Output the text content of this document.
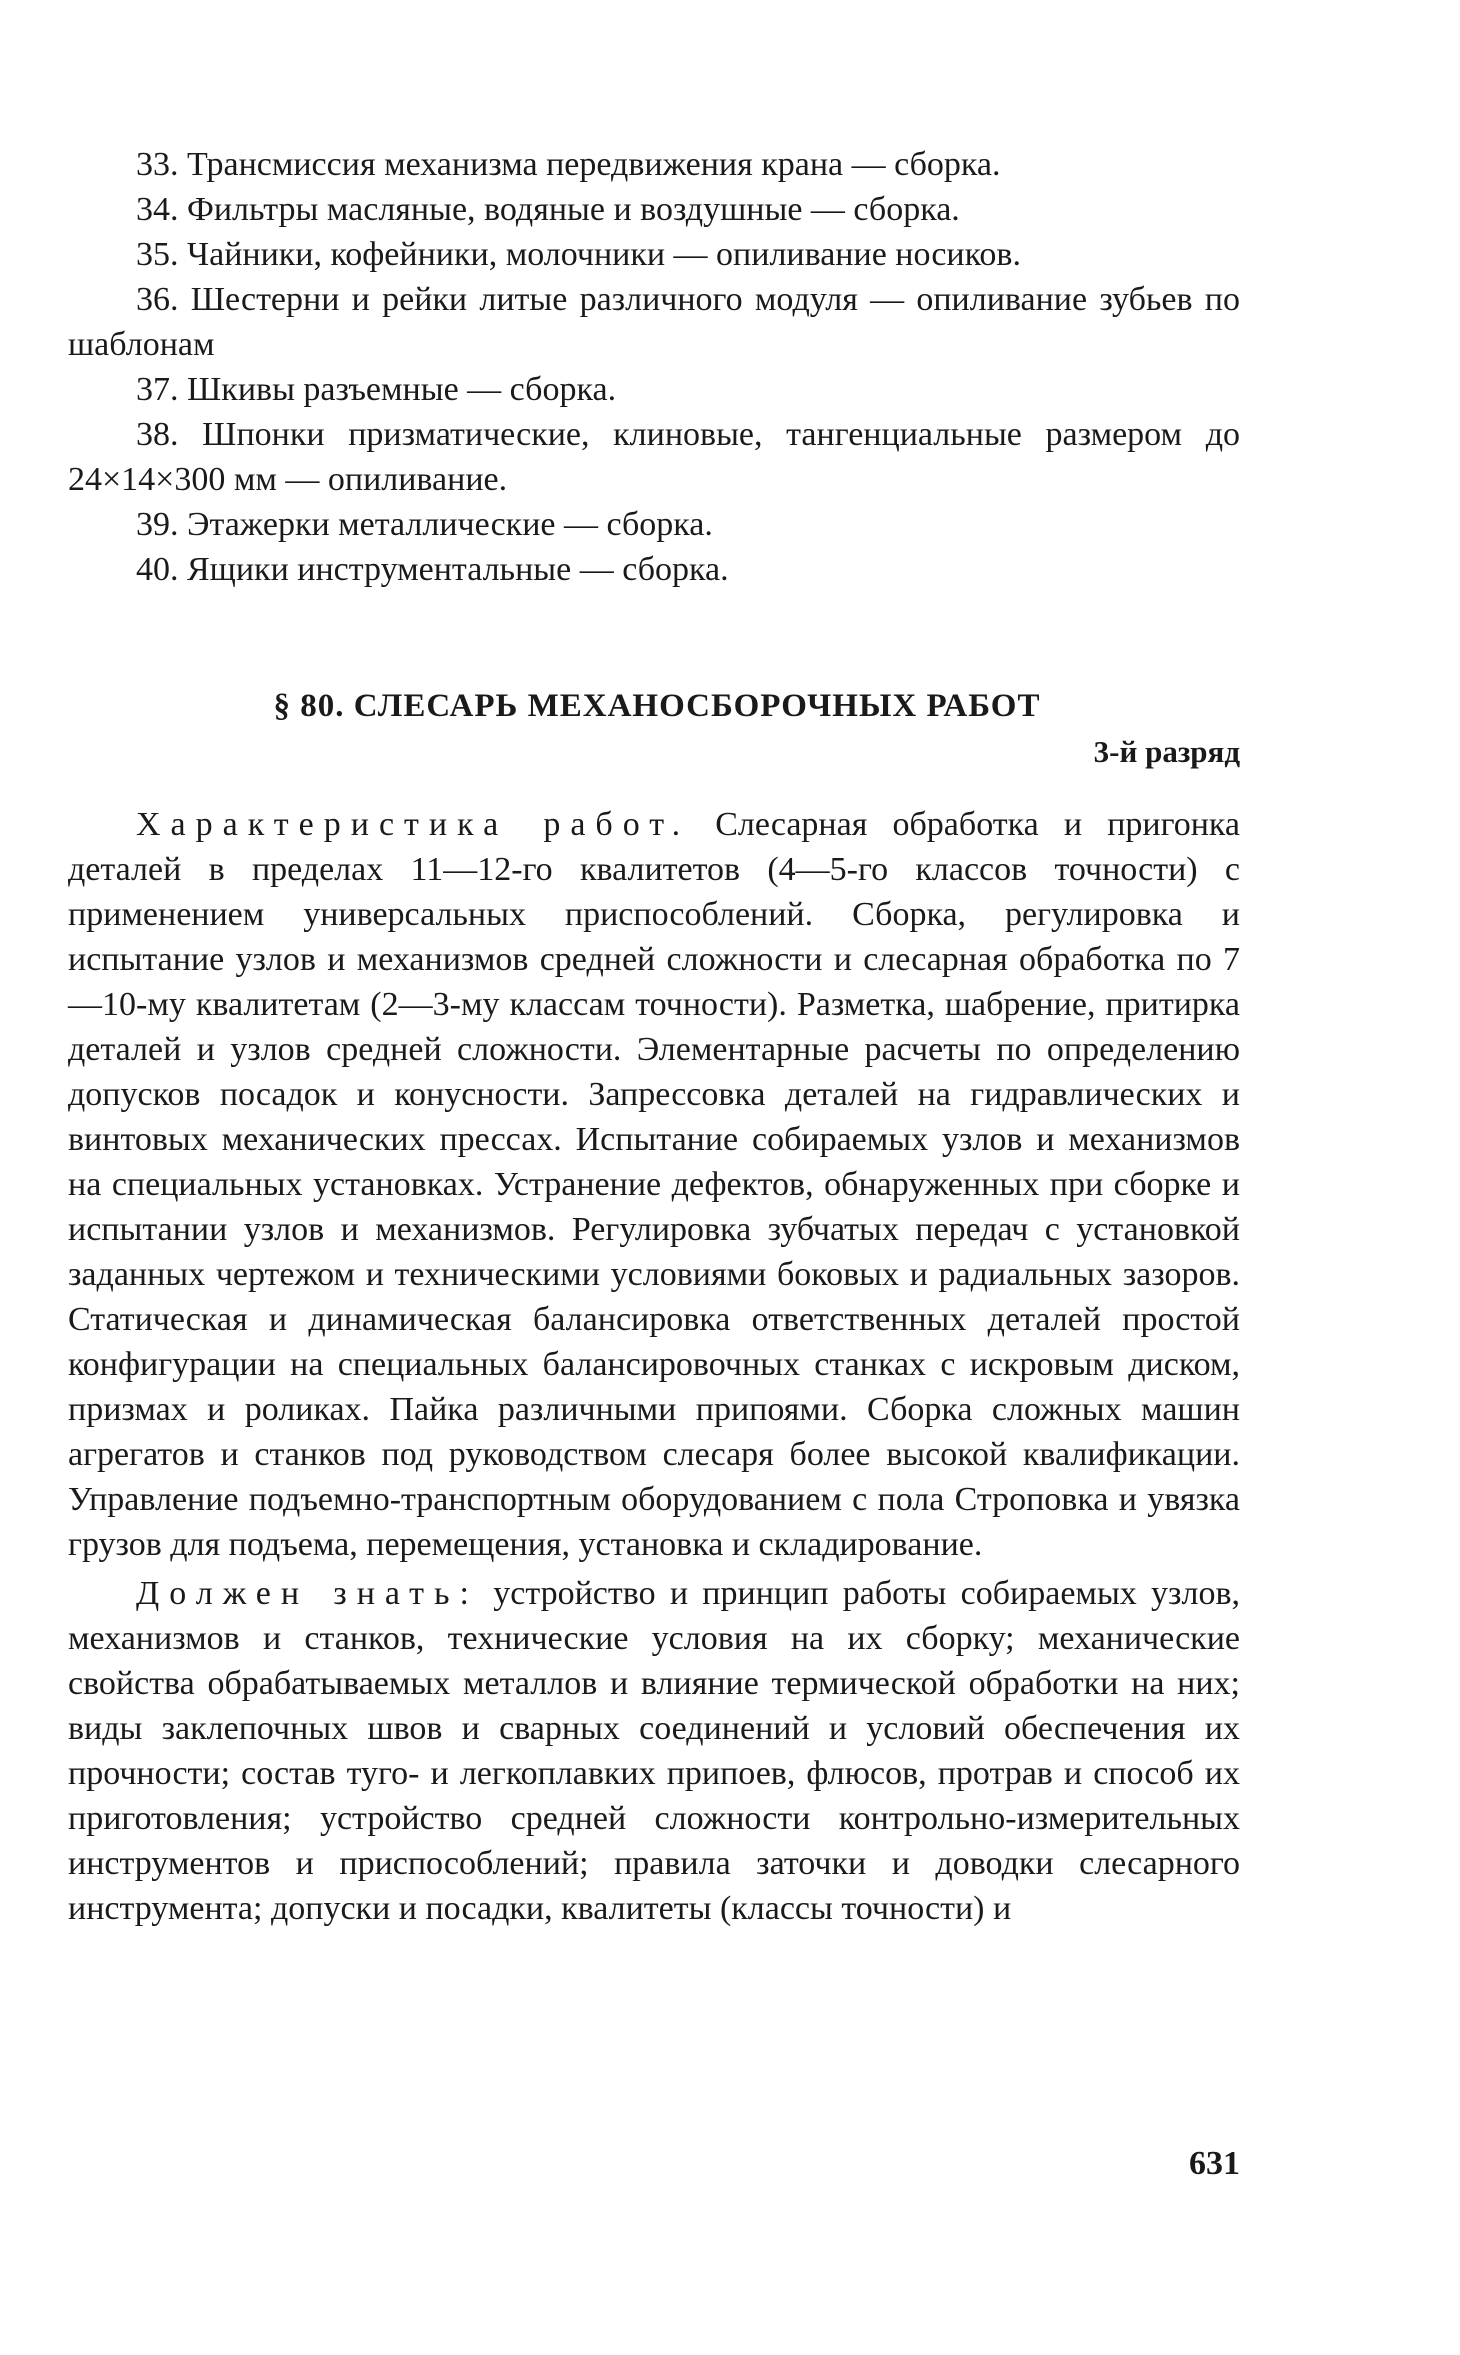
33. Трансмиссия механизма передвижения крана — сборка.

34. Фильтры масляные, водяные и воздушные — сборка.

35. Чайники, кофейники, молочники — опиливание носиков.

36. Шестерни и рейки литые различного модуля — опиливание зубьев по шаблонам

37. Шкивы разъемные — сборка.

38. Шпонки призматические, клиновые, тангенциальные размером до 24×14×300 мм — опиливание.

39. Этажерки металлические — сборка.

40. Ящики инструментальные — сборка.

§ 80. СЛЕСАРЬ МЕХАНОСБОРОЧНЫХ РАБОТ
3-й разряд

Характеристика работ. Слесарная обработка и пригонка деталей в пределах 11—12-го квалитетов (4—5-го классов точности) с применением универсальных приспособлений. Сборка, регулировка и испытание узлов и механизмов средней сложности и слесарная обработка по 7—10-му квалитетам (2—3-му классам точности). Разметка, шабрение, притирка деталей и узлов средней сложности. Элементарные расчеты по определению допусков посадок и конусности. Запрессовка деталей на гидравлических и винтовых механических прессах. Испытание собираемых узлов и механизмов на специальных установках. Устранение дефектов, обнаруженных при сборке и испытании узлов и механизмов. Регулировка зубчатых передач с установкой заданных чертежом и техническими условиями боковых и радиальных зазоров. Статическая и динамическая балансировка ответственных деталей простой конфигурации на специальных балансировочных станках с искровым диском, призмах и роликах. Пайка различными припоями. Сборка сложных машин агрегатов и станков под руководством слесаря более высокой квалификации. Управление подъемно-транспортным оборудованием с пола Строповка и увязка грузов для подъема, перемещения, установка и складирование.

Должен знать: устройство и принцип работы собираемых узлов, механизмов и станков, технические условия на их сборку; механические свойства обрабатываемых металлов и влияние термической обработки на них; виды заклепочных швов и сварных соединений и условий обеспечения их прочности; состав туго- и легкоплавких припоев, флюсов, протрав и способ их приготовления; устройство средней сложности контрольно-измерительных инструментов и приспособлений; правила заточки и доводки слесарного инструмента; допуски и посадки, квалитеты (классы точности) и

631
